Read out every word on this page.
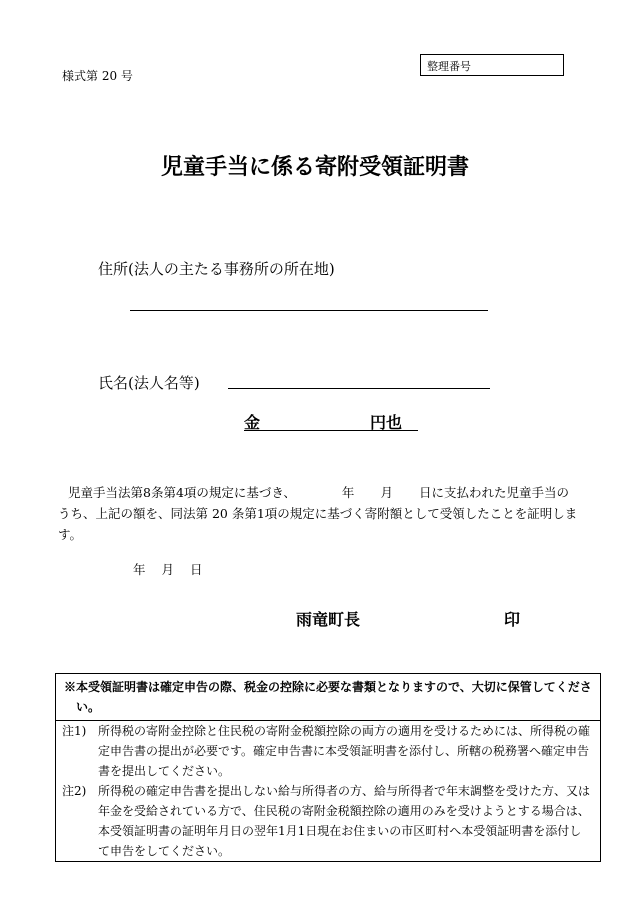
様式第 20 号
整理番号
児童手当に係る寄附受領証明書
住所(法人の主たる事務所の所在地)
氏名(法人名等)
金	円也
児童手当法第8条第4項の規定に基づき、	年 月 日に支払われた児童手当のうち、上記の額を、同法第 20 条第1項の規定に基づく寄附額として受領したことを証明します。
年 月 日
雨竜町長	印
※本受領証明書は確定申告の際、税金の控除に必要な書類となりますので、大切に保管してください。
注1) 所得税の寄附金控除と住民税の寄附金税額控除の両方の適用を受けるためには、所得税の確定申告書の提出が必要です。確定申告書に本受領証明書を添付し、所轄の税務署へ確定申告書を提出してください。
注2) 所得税の確定申告書を提出しない給与所得者の方、給与所得者で年末調整を受けた方、又は年金を受給されている方で、住民税の寄附金税額控除の適用のみを受けようとする場合は、本受領証明書の証明年月日の翌年1月1日現在お住まいの市区町村へ本受領証明書を添付して申告をしてください。
